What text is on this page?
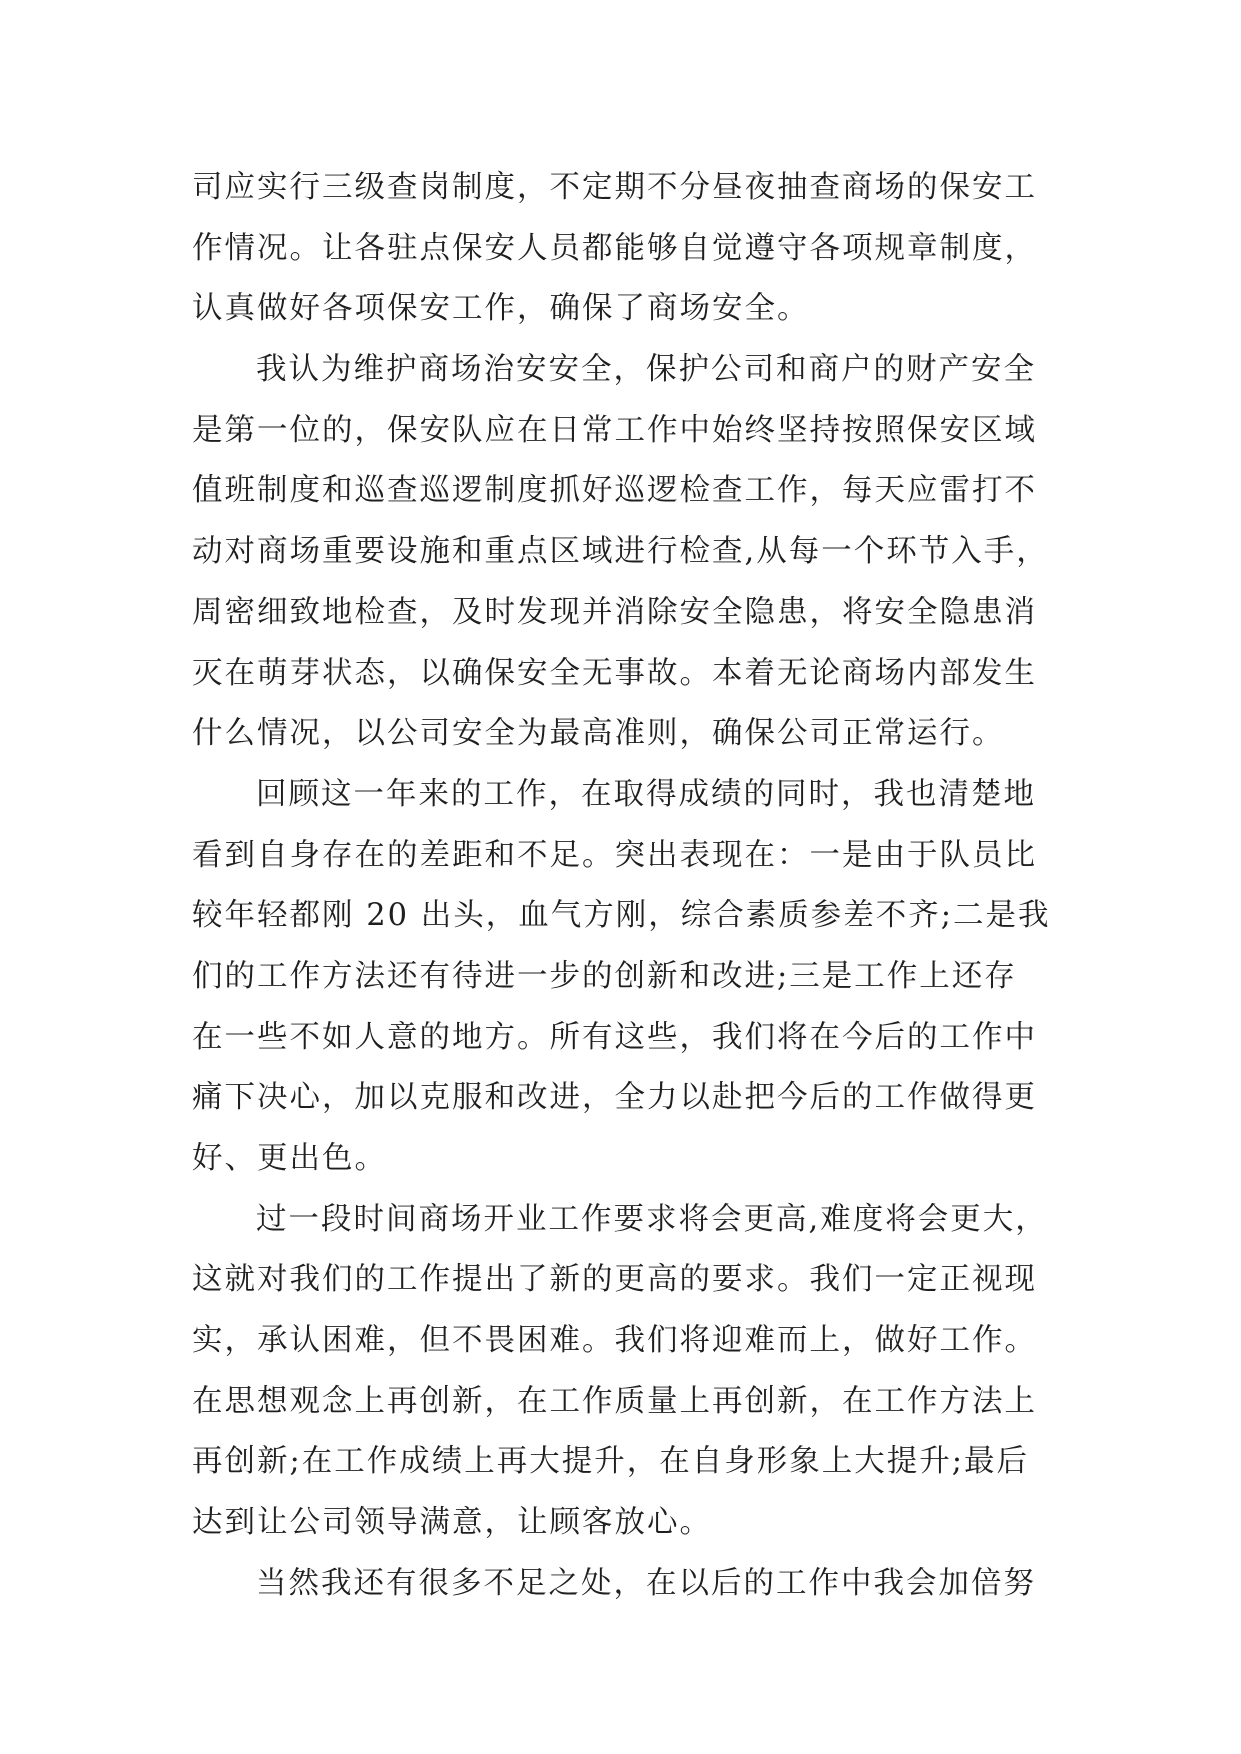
司应实行三级查岗制度，不定期不分昼夜抽查商场的保安工
作情况。让各驻点保安人员都能够自觉遵守各项规章制度，
认真做好各项保安工作，确保了商场安全。
我认为维护商场治安安全，保护公司和商户的财产安全
是第一位的，保安队应在日常工作中始终坚持按照保安区域
值班制度和巡查巡逻制度抓好巡逻检查工作，每天应雷打不
动对商场重要设施和重点区域进行检查,从每一个环节入手，
周密细致地检查，及时发现并消除安全隐患，将安全隐患消
灭在萌芽状态，以确保安全无事故。本着无论商场内部发生
什么情况，以公司安全为最高准则，确保公司正常运行。
回顾这一年来的工作，在取得成绩的同时，我也清楚地
看到自身存在的差距和不足。突出表现在：一是由于队员比
较年轻都刚 20 出头，血气方刚，综合素质参差不齐;二是我
们的工作方法还有待进一步的创新和改进;三是工作上还存
在一些不如人意的地方。所有这些，我们将在今后的工作中
痛下决心，加以克服和改进，全力以赴把今后的工作做得更
好、更出色。
过一段时间商场开业工作要求将会更高,难度将会更大，
这就对我们的工作提出了新的更高的要求。我们一定正视现
实，承认困难，但不畏困难。我们将迎难而上，做好工作。
在思想观念上再创新，在工作质量上再创新，在工作方法上
再创新;在工作成绩上再大提升，在自身形象上大提升;最后
达到让公司领导满意，让顾客放心。
当然我还有很多不足之处，在以后的工作中我会加倍努
